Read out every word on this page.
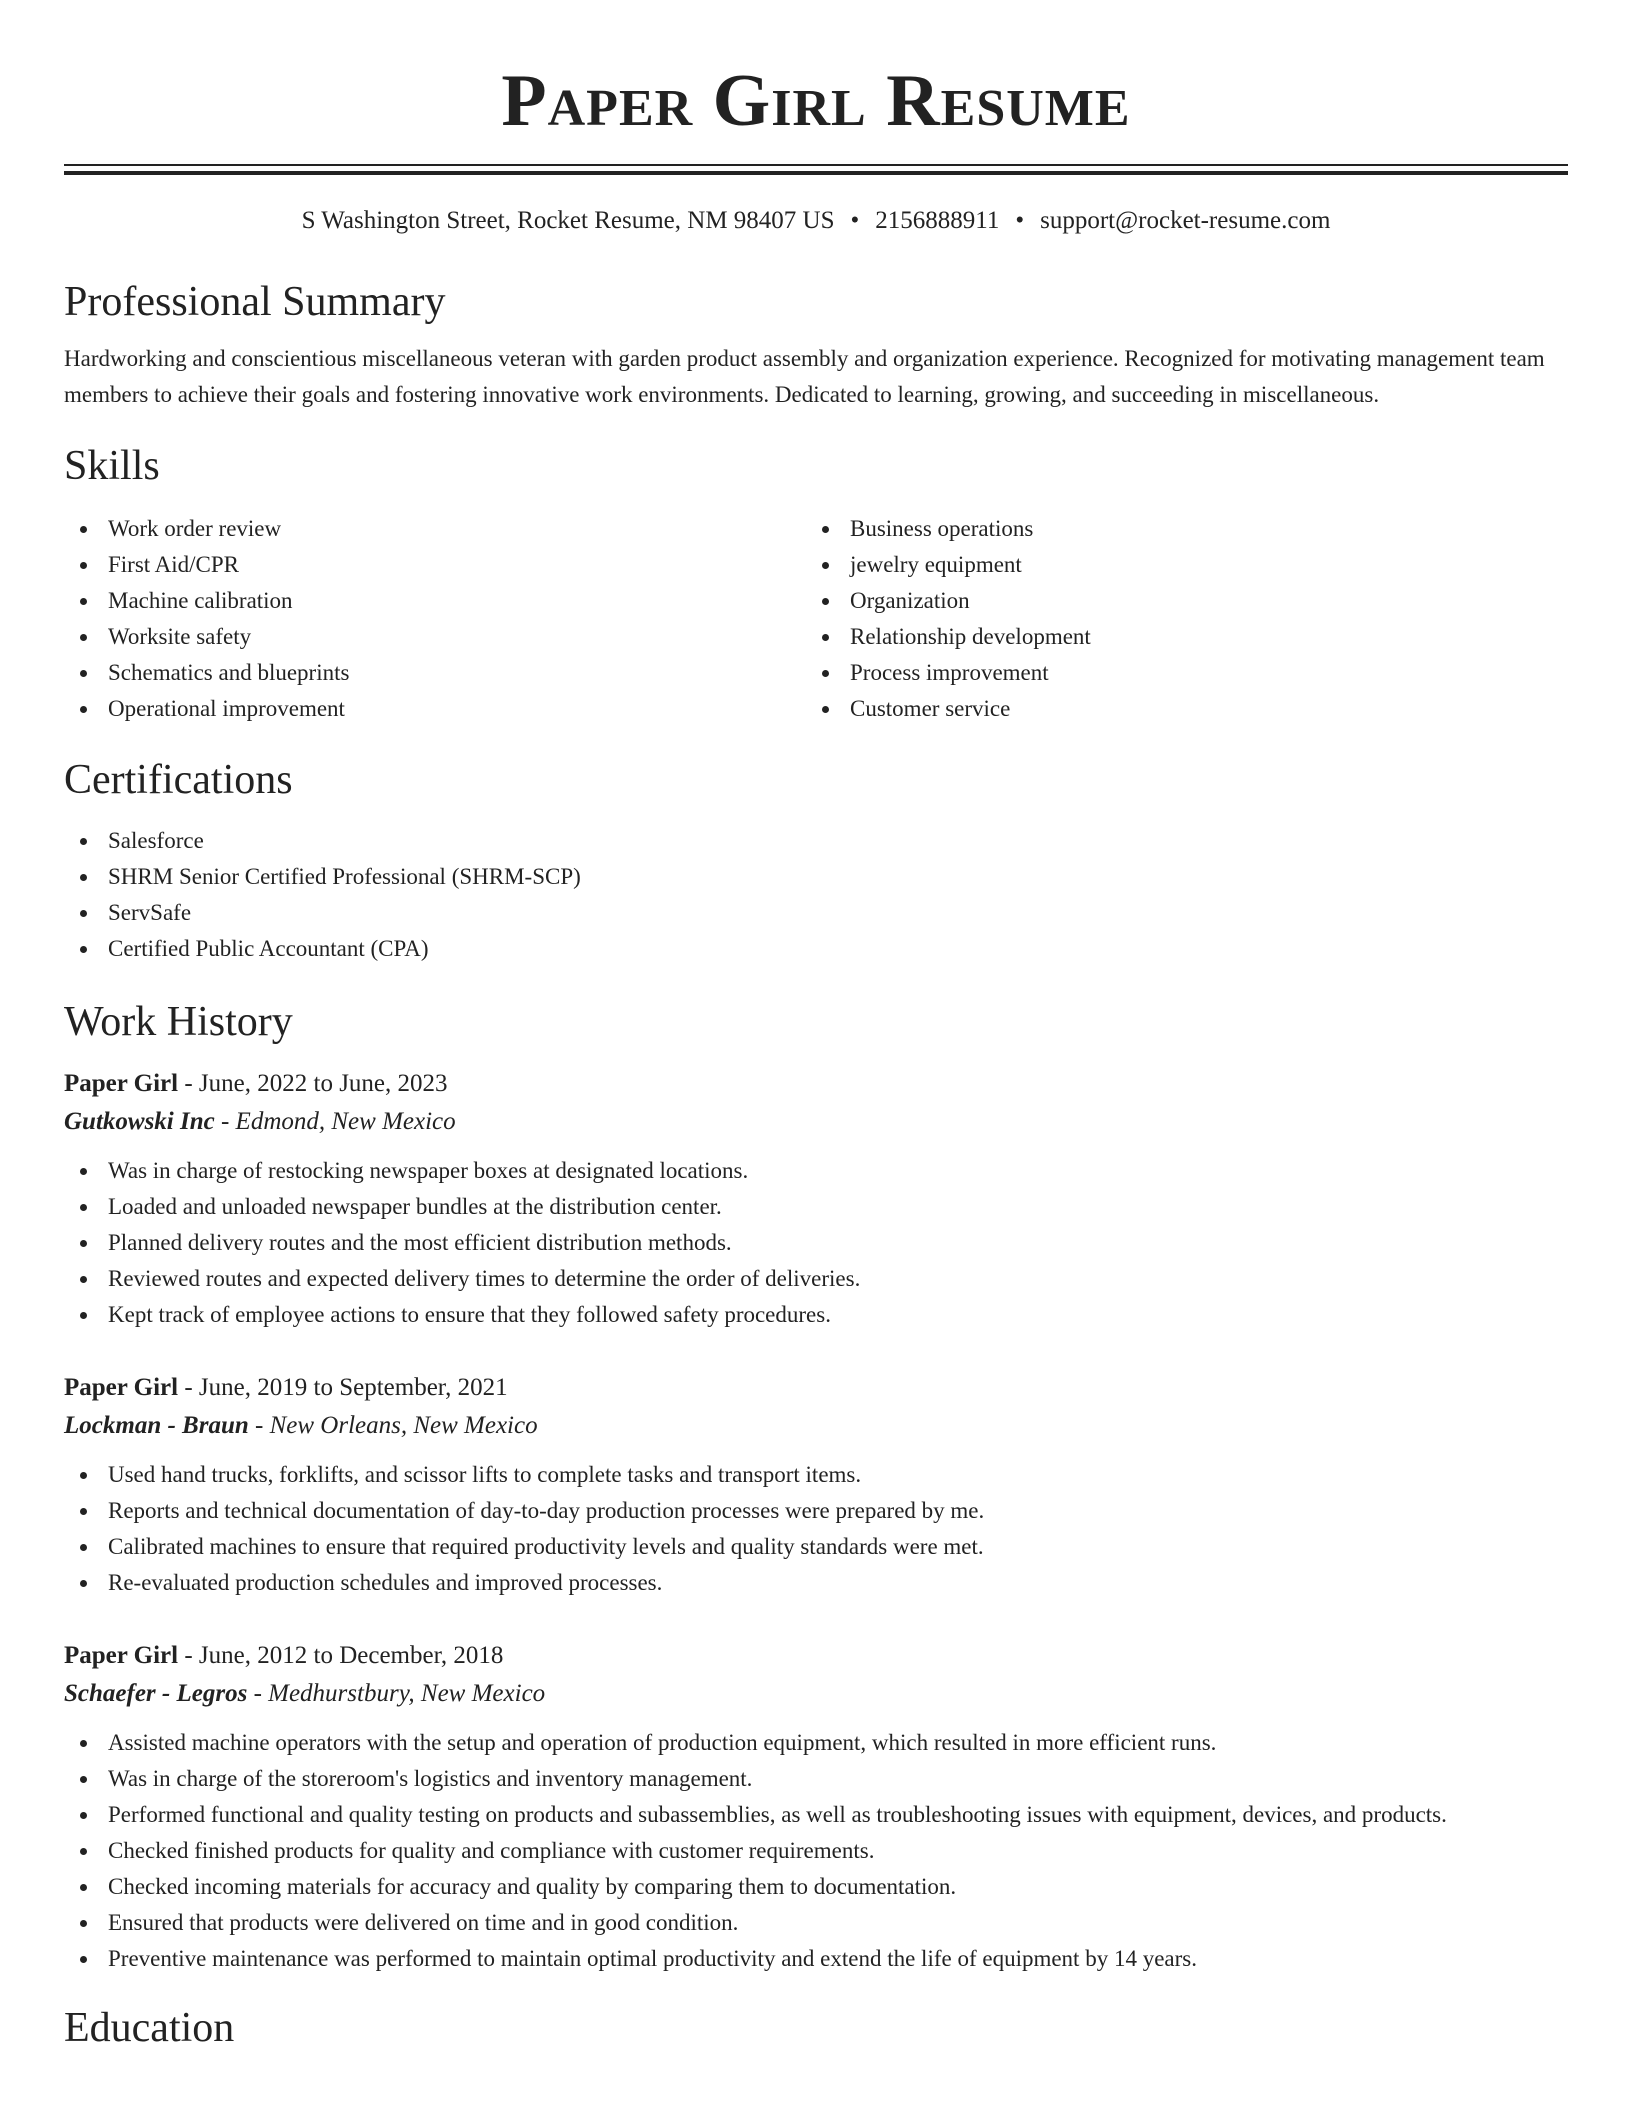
Paper Girl Resume
S Washington Street, Rocket Resume, NM 98407 US • 2156888911 • support@rocket-resume.com
Professional Summary

Hardworking and conscientious miscellaneous veteran with garden product assembly and organization experience. Recognized for motivating management team members to achieve their goals and fostering innovative work environments. Dedicated to learning, growing, and succeeding in miscellaneous.

Skills
Work order review
First Aid/CPR
Machine calibration
Worksite safety
Schematics and blueprints
Operational improvement
Business operations
jewelry equipment
Organization
Relationship development
Process improvement
Customer service
Certifications
Salesforce
SHRM Senior Certified Professional (SHRM-SCP)
ServSafe
Certified Public Accountant (CPA)
Work History
Paper Girl - June, 2022 to June, 2023
Gutkowski Inc - Edmond, New Mexico
Was in charge of restocking newspaper boxes at designated locations.
Loaded and unloaded newspaper bundles at the distribution center.
Planned delivery routes and the most efficient distribution methods.
Reviewed routes and expected delivery times to determine the order of deliveries.
Kept track of employee actions to ensure that they followed safety procedures.
Paper Girl - June, 2019 to September, 2021
Lockman - Braun - New Orleans, New Mexico
Used hand trucks, forklifts, and scissor lifts to complete tasks and transport items.
Reports and technical documentation of day-to-day production processes were prepared by me.
Calibrated machines to ensure that required productivity levels and quality standards were met.
Re-evaluated production schedules and improved processes.
Paper Girl - June, 2012 to December, 2018
Schaefer - Legros - Medhurstbury, New Mexico
Assisted machine operators with the setup and operation of production equipment, which resulted in more efficient runs.
Was in charge of the storeroom's logistics and inventory management.
Performed functional and quality testing on products and subassemblies, as well as troubleshooting issues with equipment, devices, and products.
Checked finished products for quality and compliance with customer requirements.
Checked incoming materials for accuracy and quality by comparing them to documentation.
Ensured that products were delivered on time and in good condition.
Preventive maintenance was performed to maintain optimal productivity and extend the life of equipment by 14 years.
Education
